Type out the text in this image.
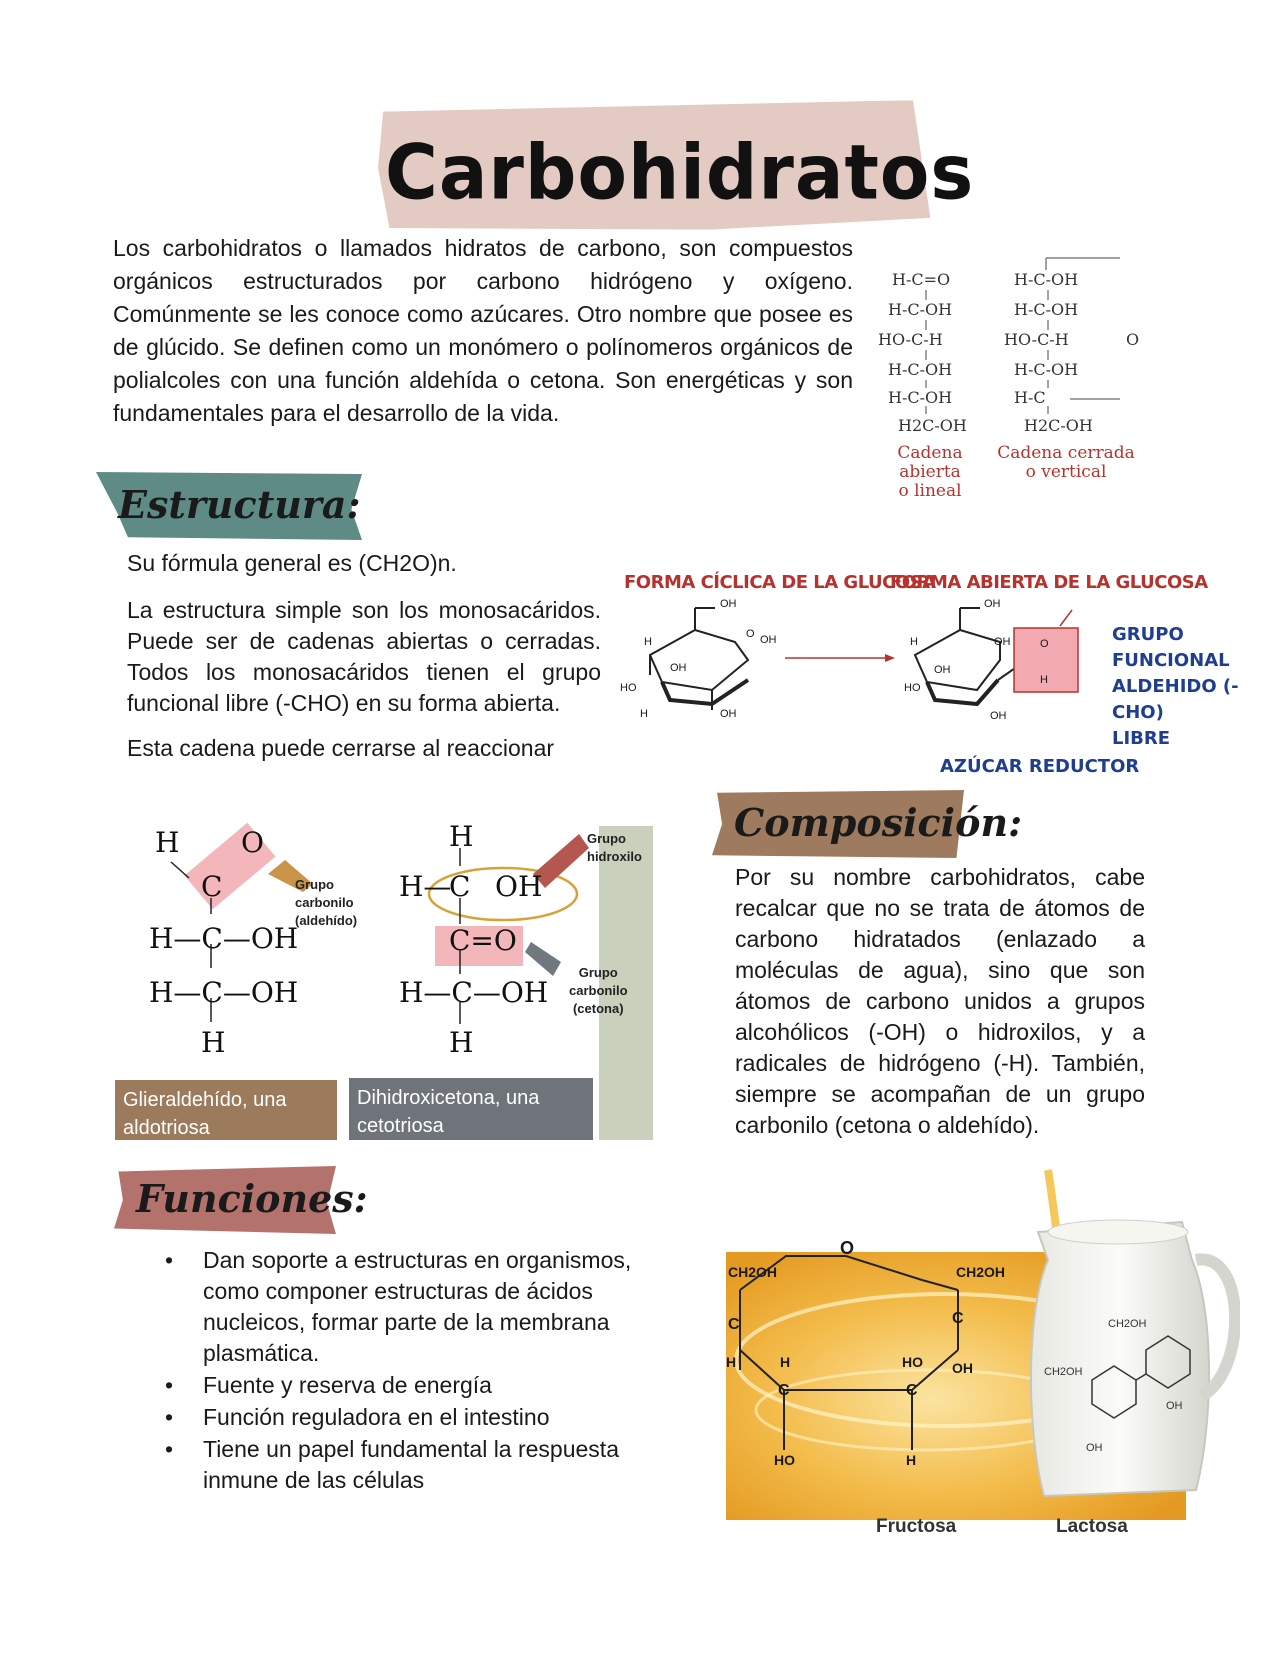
Carbohidratos
Los carbohidratos o llamados hidratos de carbono, son compuestos orgánicos estructurados por carbono hidrógeno y oxígeno. Comúnmente se les conoce como azúcares. Otro nombre que posee es de glúcido. Se definen como un monómero o polínomeros orgánicos de polialcoles con una función aldehída o cetona. Son energéticas y son fundamentales para el desarrollo de la vida.
H-C=O
H-C-OH
HO-C-H
H-C-OH
H-C-OH
H2C-OH
H-C-OH
H-C-OH
HO-C-H
H-C-OH
H-C
H2C-OH
O
Cadena abierta
o lineal
Cadena cerrada
o vertical
Estructura:
Su fórmula general es (CH2O)n.
La estructura simple son los monosacáridos. Puede ser de cadenas abiertas o cerradas. Todos los monosacáridos tienen el grupo funcional libre (-CHO) en su forma abierta.
Esta cadena puede cerrarse al reaccionar
FORMA CÍCLICA DE LA GLUCOSA
FORMA ABIERTA DE LA GLUCOSA
OH
O OH
H
OH
HO
H	OH
OH
OH
H
OH
HO
OH
O
H
GRUPO FUNCIONAL
ALDEHIDO (-CHO)
LIBRE
AZÚCAR REDUCTOR
H O
C
H—C—OH
H—C—OH
H
Grupo
carbonilo
(aldehído)
H
H—
C OH
C=O
H—C—OH
H
Grupo
hidroxilo
Grupo
carbonilo
(cetona)
Glieraldehído, una aldotriosa
Dihidroxicetona, una cetotriosa
Composición:
Por su nombre carbohidratos, cabe recalcar que no se trata de átomos de carbono hidratados (enlazado a moléculas de agua), sino que son átomos de carbono unidos a grupos alcohólicos (-OH) o hidroxilos, y a radicales de hidrógeno (-H). También, siempre se acompañan de un grupo carbonilo (cetona o aldehído).
Funciones:
• Dan soporte a estructuras en organismos, como componer estructuras de ácidos nucleicos, formar parte de la membrana plasmática.
• Fuente y reserva de energía
• Función reguladora en el intestino
• Tiene un papel fundamental la respuesta inmune de las células
CH2OH
O
CH2OH
C	C
H	H	HO OH
C	C
HO	H
CH2OH
CH2OH
OH
OH
Fructosa	Lactosa
